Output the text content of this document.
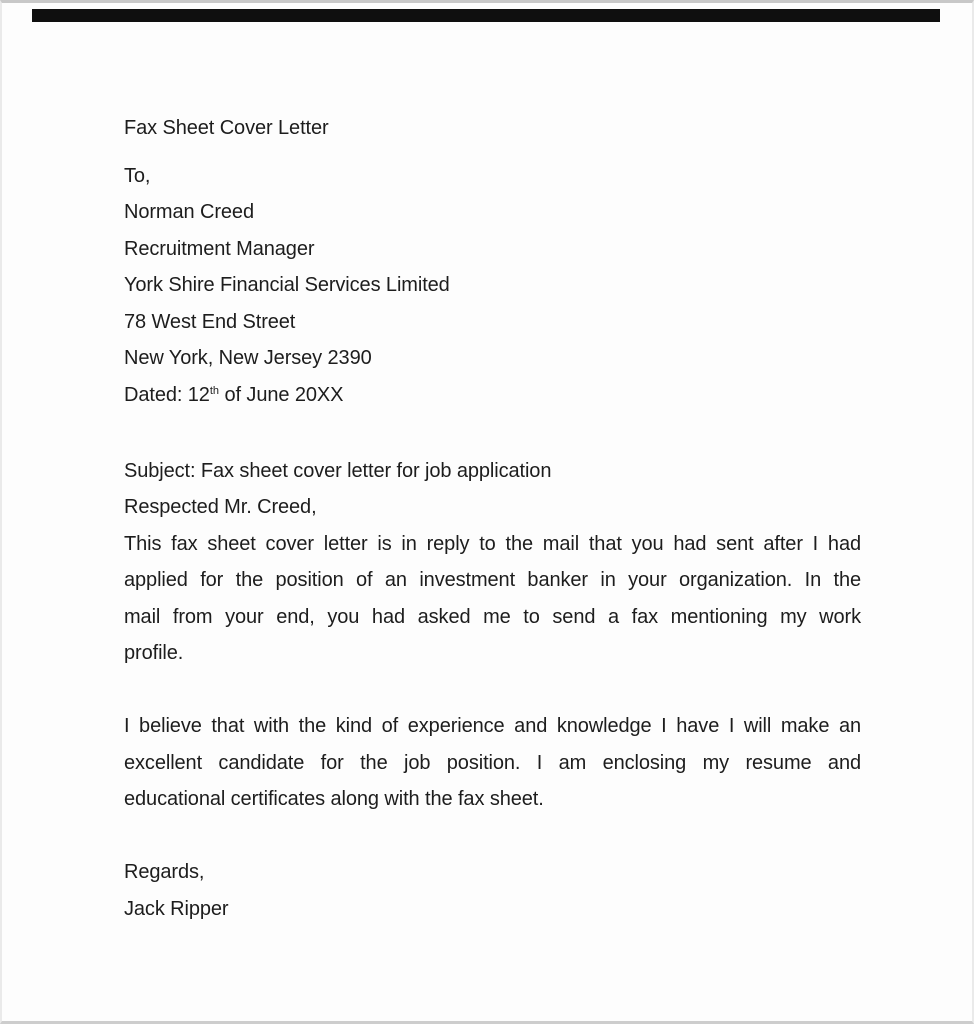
Fax Sheet Cover Letter

To,
Norman Creed
Recruitment Manager
York Shire Financial Services Limited
78 West End Street
New York, New Jersey 2390
Dated: 12th of June 20XX
Subject: Fax sheet cover letter for job application
Respected Mr. Creed,
This fax sheet cover letter is in reply to the mail that you had sent after I had
applied for the position of an investment banker in your organization. In the
mail from your end, you had asked me to send a fax mentioning my work
profile.
I believe that with the kind of experience and knowledge I have I will make an
excellent candidate for the job position. I am enclosing my resume and
educational certificates along with the fax sheet.
Regards,
Jack Ripper
